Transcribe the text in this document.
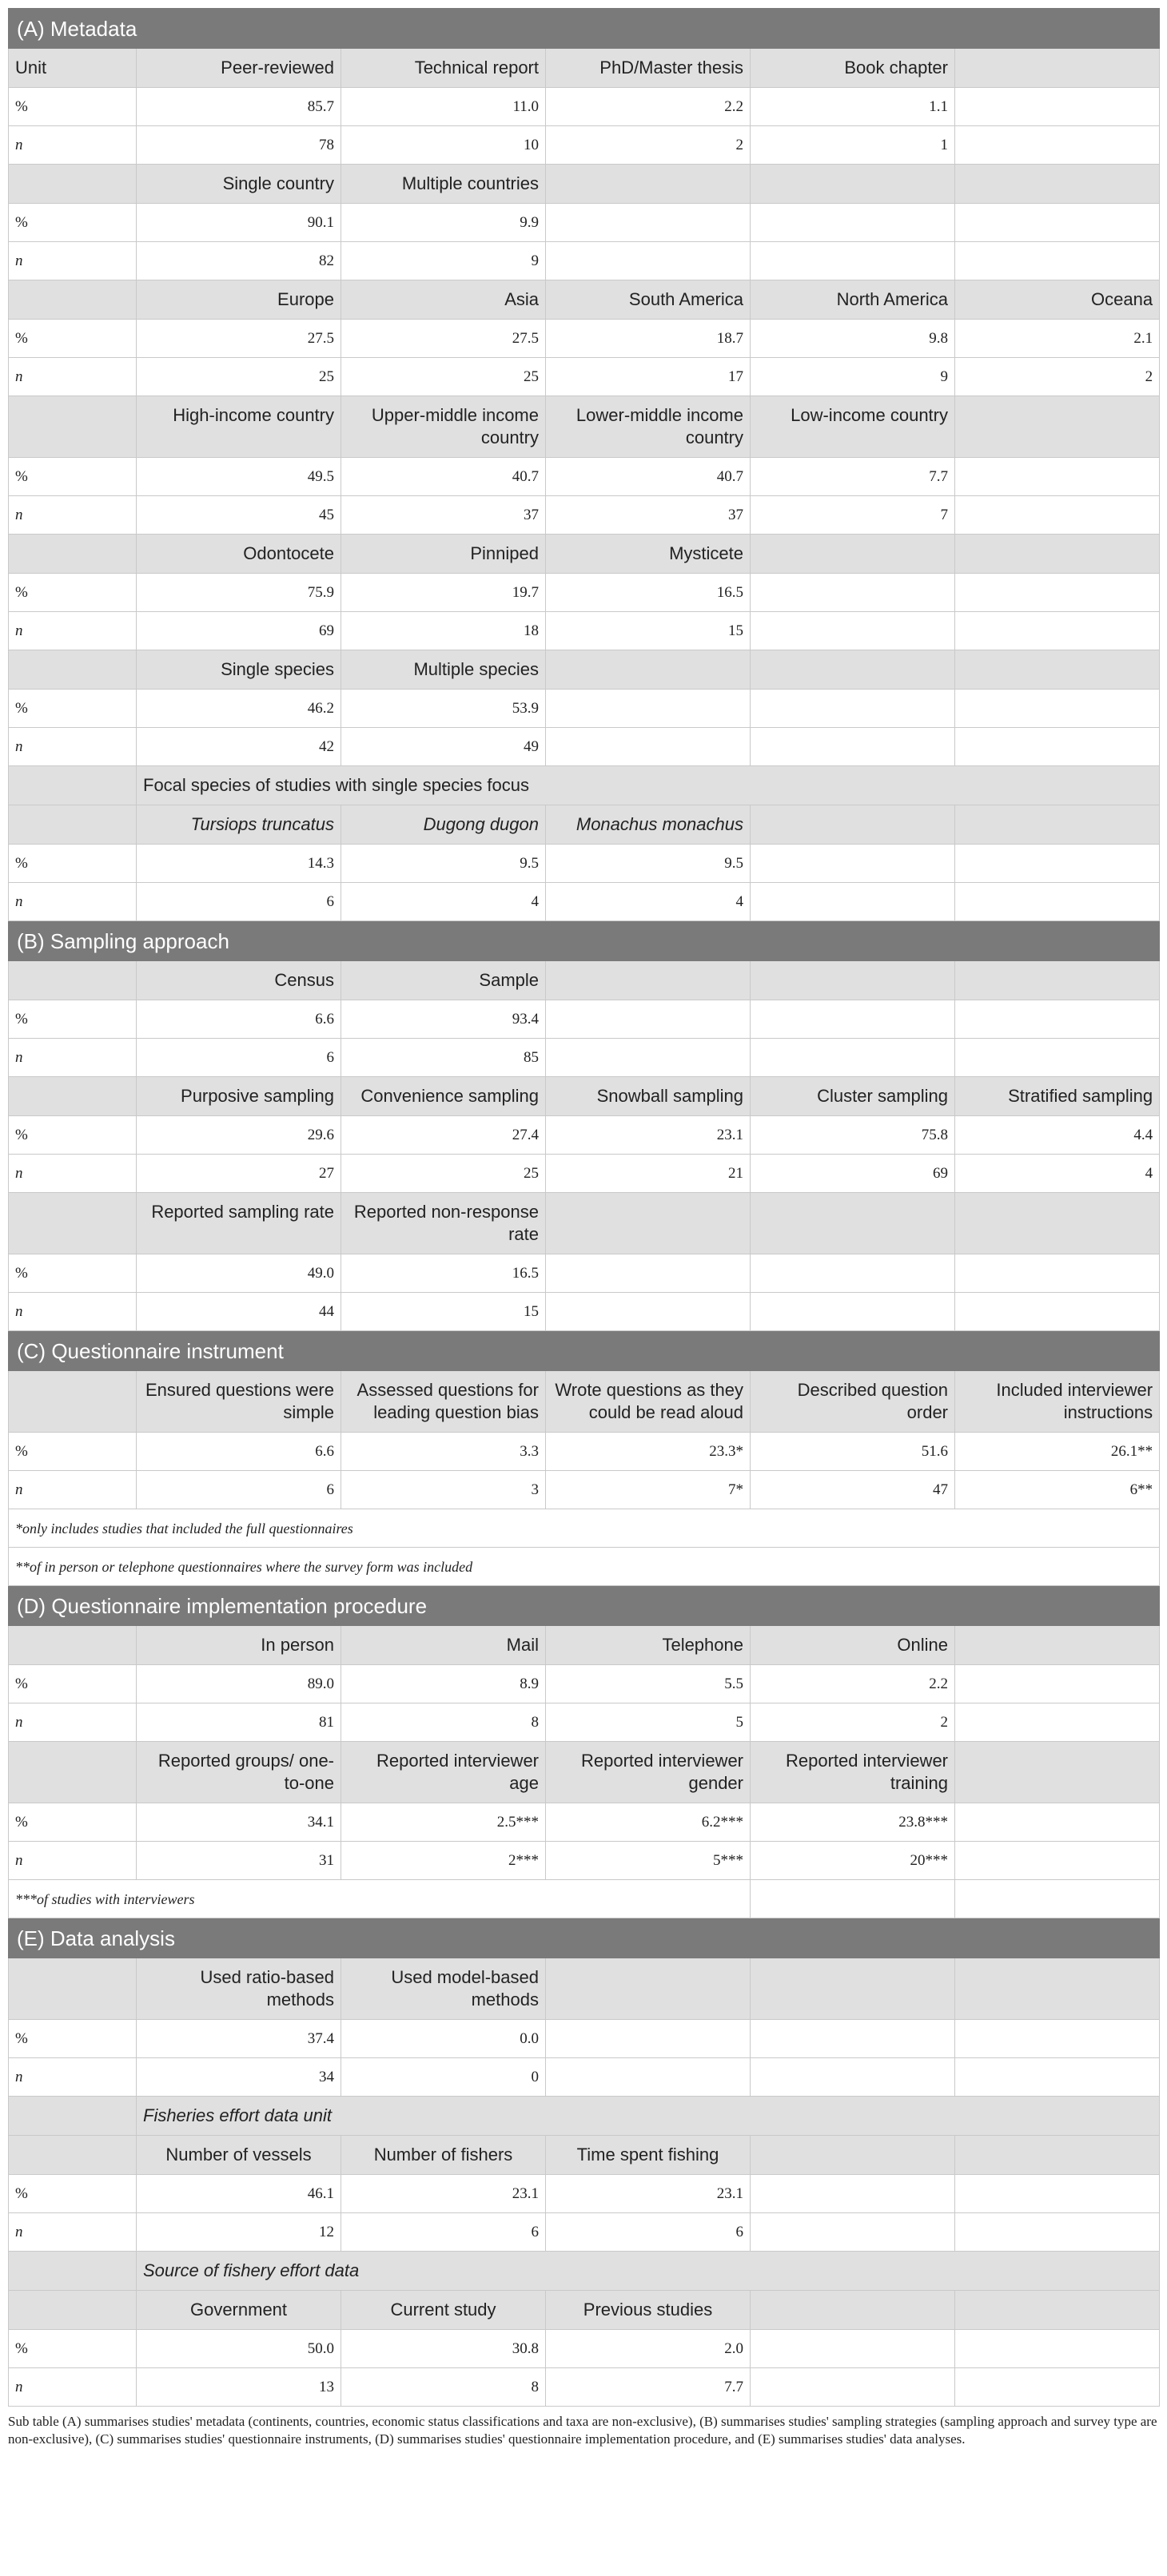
(A) Metadata					
Unit	Peer-reviewed	Technical report	PhD/Master thesis	Book chapter	
%	85.7	11.0	2.2	1.1	
n	78	10	2	1	
	Single country	Multiple countries			
%	90.1	9.9			
n	82	9			
	Europe	Asia	South America	North America	Oceana
%	27.5	27.5	18.7	9.8	2.1
n	25	25	17	9	2
	High-income country	Upper-middle income country	Lower-middle income country	Low-income country	
%	49.5	40.7	40.7	7.7	
n	45	37	37	7	
	Odontocete	Pinniped	Mysticete		
%	75.9	19.7	16.5		
n	69	18	15		
	Single species	Multiple species			
%	46.2	53.9			
n	42	49			
	Focal species of studies with single species focus				
	Tursiops truncatus	Dugong dugon	Monachus monachus		
%	14.3	9.5	9.5		
n	6	4	4		
(B) Sampling approach					
	Census	Sample			
%	6.6	93.4			
n	6	85			
	Purposive sampling	Convenience sampling	Snowball sampling	Cluster sampling	Stratified sampling
%	29.6	27.4	23.1	75.8	4.4
n	27	25	21	69	4
	Reported sampling rate	Reported non-response rate			
%	49.0	16.5			
n	44	15			
(C) Questionnaire instrument					
	Ensured questions were simple	Assessed questions for leading question bias	Wrote questions as they could be read aloud	Described question order	Included interviewer instructions
%	6.6	3.3	23.3*	51.6	26.1**
n	6	3	7*	47	6**
*only includes studies that included the full questionnaires					
**of in person or telephone questionnaires where the survey form was included					
(D) Questionnaire implementation procedure					
	In person	Mail	Telephone	Online	
%	89.0	8.9	5.5	2.2	
n	81	8	5	2	
	Reported groups/ one-to-one	Reported interviewer age	Reported interviewer gender	Reported interviewer training	
%	34.1	2.5***	6.2***	23.8***	
n	31	2***	5***	20***	
***of studies with interviewers					
(E) Data analysis					
	Used ratio-based methods	Used model-based methods			
%	37.4	0.0			
n	34	0			
	Fisheries effort data unit				
	Number of vessels	Number of fishers	Time spent fishing		
%	46.1	23.1	23.1		
n	12	6	6		
	Source of fishery effort data				
	Government	Current study	Previous studies		
%	50.0	30.8	2.0		
n	13	8	7.7		
Sub table (A) summarises studies' metadata (continents, countries, economic status classifications and taxa are non-exclusive), (B) summarises studies' sampling strategies (sampling approach and survey type are non-exclusive), (C) summarises studies' questionnaire instruments, (D) summarises studies' questionnaire implementation procedure, and (E) summarises studies' data analyses.
